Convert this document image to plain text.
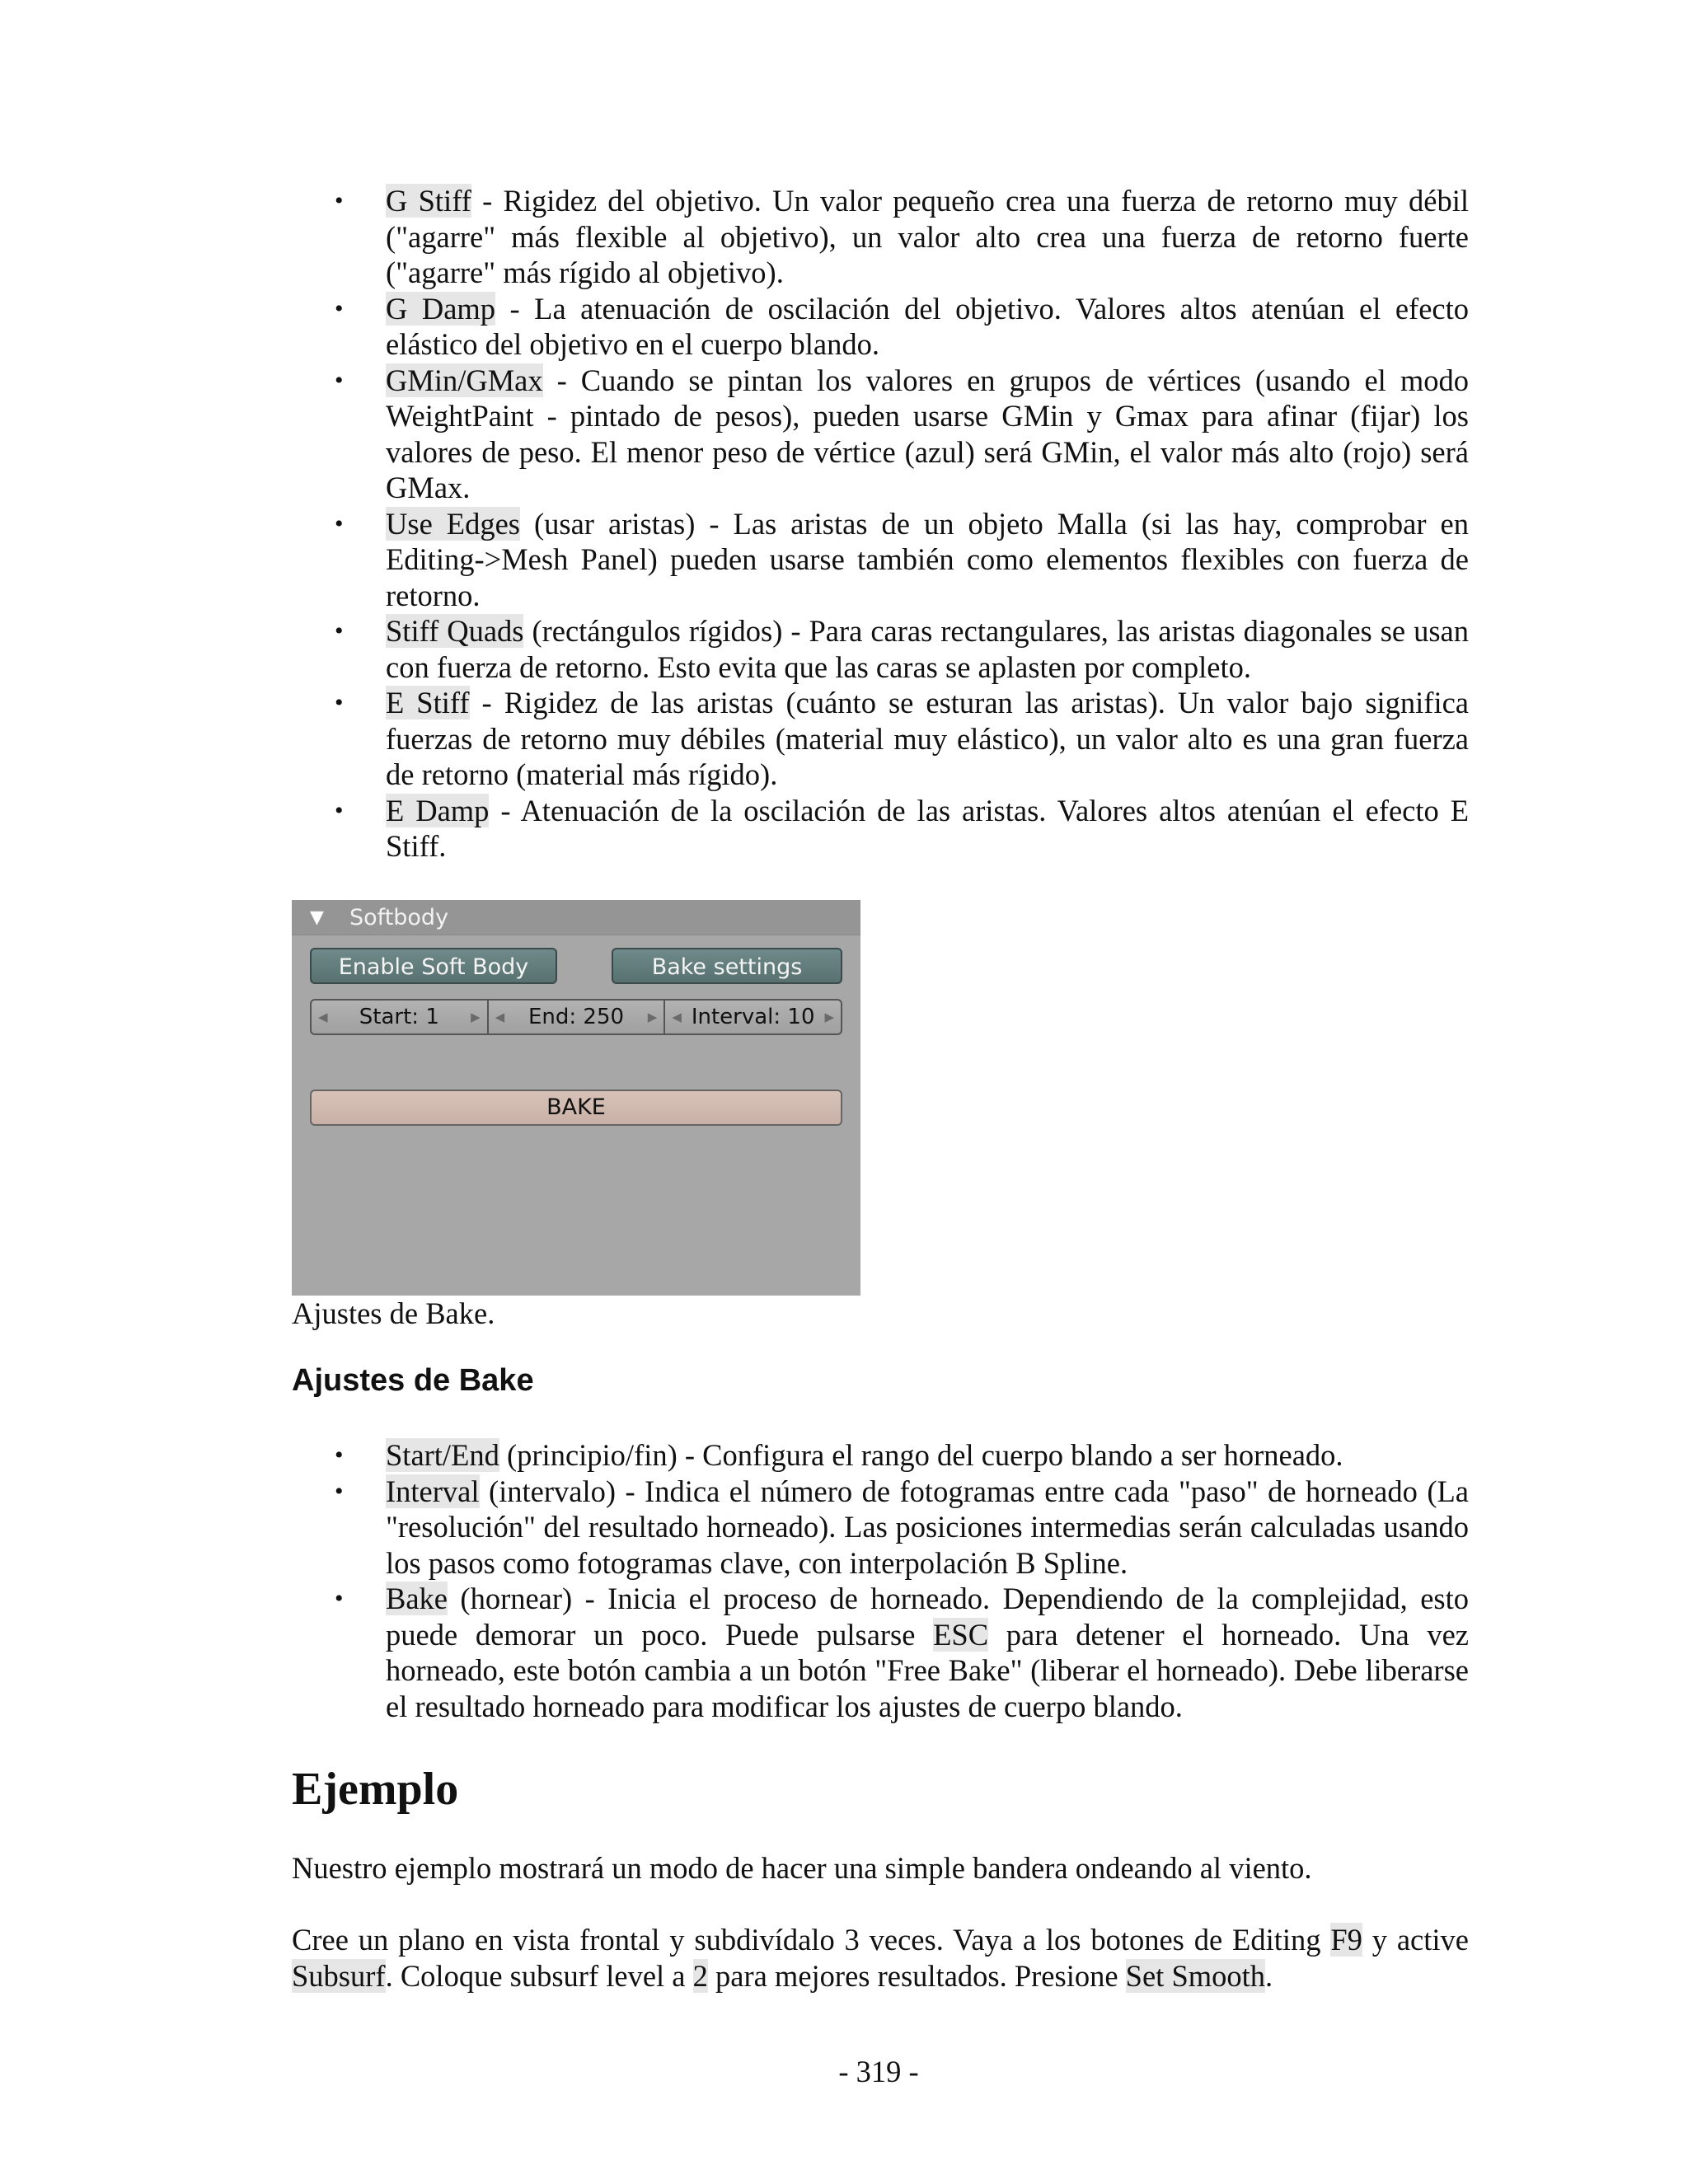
• G Stiff - Rigidez del objetivo. Un valor pequeño crea una fuerza de retorno muy débil ("agarre" más flexible al objetivo), un valor alto crea una fuerza de retorno fuerte ("agarre" más rígido al objetivo).
• G Damp - La atenuación de oscilación del objetivo. Valores altos atenúan el efecto elástico del objetivo en el cuerpo blando.
• GMin/GMax - Cuando se pintan los valores en grupos de vértices (usando el modo WeightPaint - pintado de pesos), pueden usarse GMin y Gmax para afinar (fijar) los valores de peso. El menor peso de vértice (azul) será GMin, el valor más alto (rojo) será GMax.
• Use Edges (usar aristas) - Las aristas de un objeto Malla (si las hay, comprobar en Editing->Mesh Panel) pueden usarse también como elementos flexibles con fuerza de retorno.
• Stiff Quads (rectángulos rígidos) - Para caras rectangulares, las aristas diagonales se usan con fuerza de retorno. Esto evita que las caras se aplasten por completo.
• E Stiff - Rigidez de las aristas (cuánto se esturan las aristas). Un valor bajo significa fuerzas de retorno muy débiles (material muy elástico), un valor alto es una gran fuerza de retorno (material más rígido).
• E Damp - Atenuación de la oscilación de las aristas. Valores altos atenúan el efecto E Stiff.
▼ Softbody
Enable Soft Body	Bake settings
◀ Start: 1	▶ ◀ End: 250 ▶ ◀ Interval: 10 ▶
BAKE
Ajustes de Bake.
Ajustes de Bake
• Start/End (principio/fin) - Configura el rango del cuerpo blando a ser horneado.
• Interval (intervalo) - Indica el número de fotogramas entre cada "paso" de horneado (La "resolución" del resultado horneado). Las posiciones intermedias serán calculadas usando los pasos como fotogramas clave, con interpolación B Spline.
• Bake (hornear) - Inicia el proceso de horneado. Dependiendo de la complejidad, esto puede demorar un poco. Puede pulsarse ESC para detener el horneado. Una vez horneado, este botón cambia a un botón "Free Bake" (liberar el horneado). Debe liberarse el resultado horneado para modificar los ajustes de cuerpo blando.
Ejemplo

Nuestro ejemplo mostrará un modo de hacer una simple bandera ondeando al viento.

Cree un plano en vista frontal y subdivídalo 3 veces. Vaya a los botones de Editing F9 y active Subsurf. Coloque subsurf level a 2 para mejores resultados. Presione Set Smooth.

- 319 -
